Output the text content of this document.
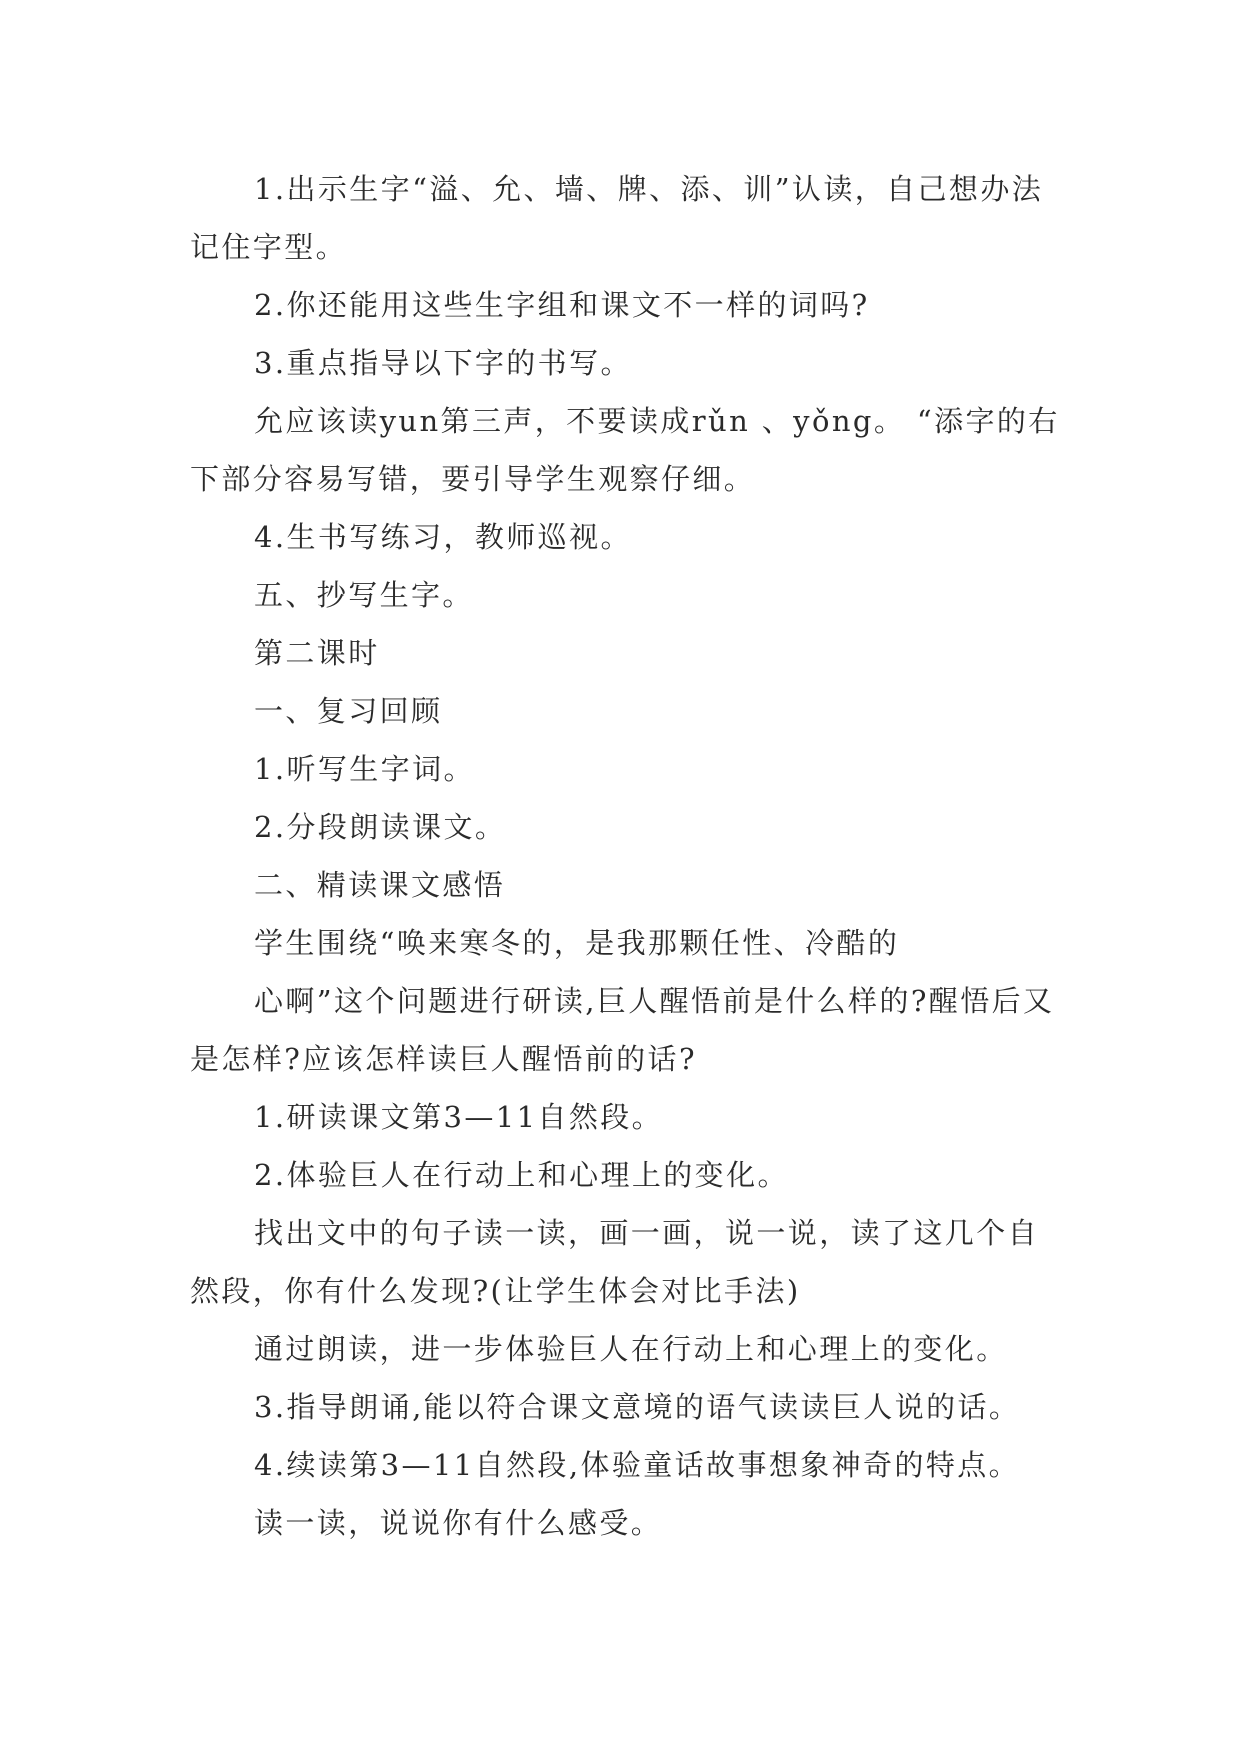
1.出示生字“溢、允、墙、牌、添、训”认读，自己想办法记住字型。

2.你还能用这些生字组和课文不一样的词吗?

3.重点指导以下字的书写。

允应该读yun第三声，不要读成rǔn 、yǒng。 “添字的右下部分容易写错，要引导学生观察仔细。

4.生书写练习，教师巡视。

五、抄写生字。

第二课时

一、复习回顾

1.听写生字词。

2.分段朗读课文。

二、精读课文感悟

学生围绕“唤来寒冬的，是我那颗任性、冷酷的

心啊”这个问题进行研读,巨人醒悟前是什么样的?醒悟后又是怎样?应该怎样读巨人醒悟前的话?

1.研读课文第3—11自然段。

2.体验巨人在行动上和心理上的变化。

找出文中的句子读一读，画一画，说一说，读了这几个自然段，你有什么发现?(让学生体会对比手法)

通过朗读，进一步体验巨人在行动上和心理上的变化。

3.指导朗诵,能以符合课文意境的语气读读巨人说的话。

4.续读第3—11自然段,体验童话故事想象神奇的特点。

读一读，说说你有什么感受。
